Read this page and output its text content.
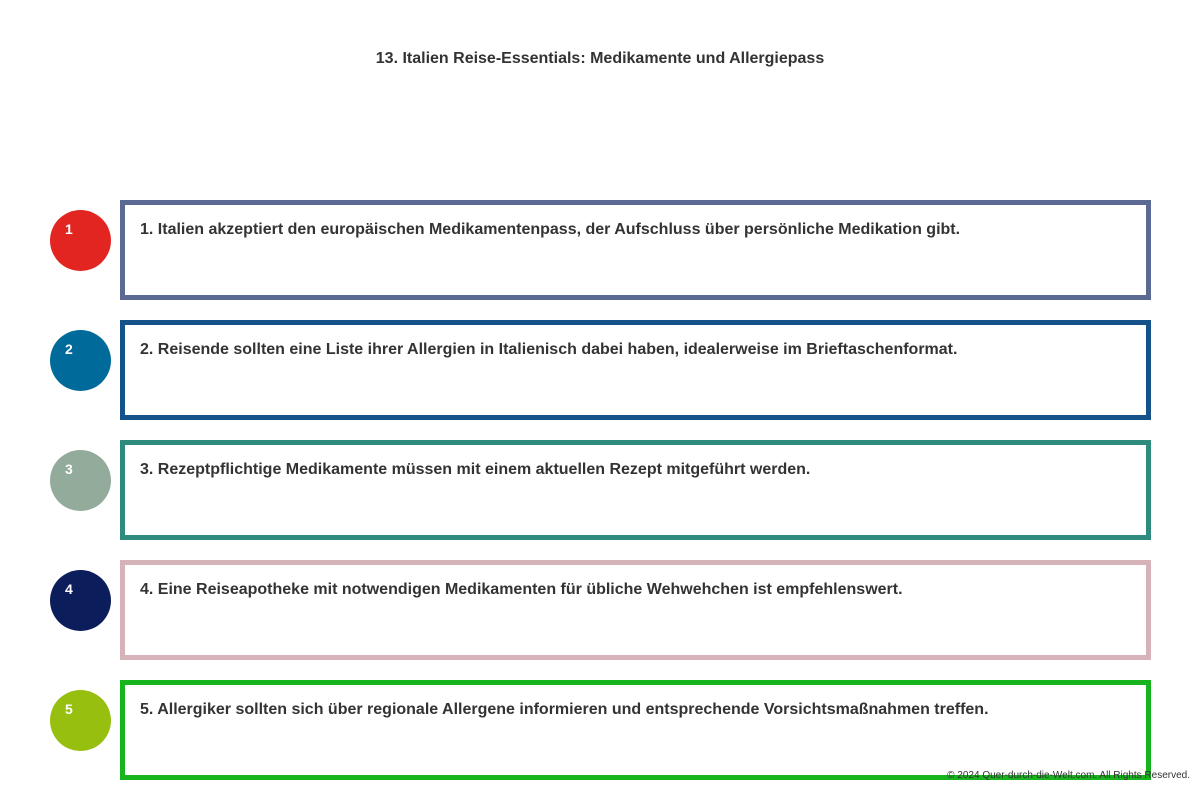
13. Italien Reise-Essentials: Medikamente und Allergiepass
1	1. Italien akzeptiert den europäischen Medikamentenpass, der Aufschluss über persönliche Medikation gibt.
2	2. Reisende sollten eine Liste ihrer Allergien in Italienisch dabei haben, idealerweise im Brieftaschenformat.
3	3. Rezeptpflichtige Medikamente müssen mit einem aktuellen Rezept mitgeführt werden.
4	4. Eine Reiseapotheke mit notwendigen Medikamenten für übliche Wehwehchen ist empfehlenswert.
5	5. Allergiker sollten sich über regionale Allergene informieren und entsprechende Vorsichtsmaßnahmen treffen.
© 2024 Quer-durch-die-Welt.com. All Rights Reserved.
